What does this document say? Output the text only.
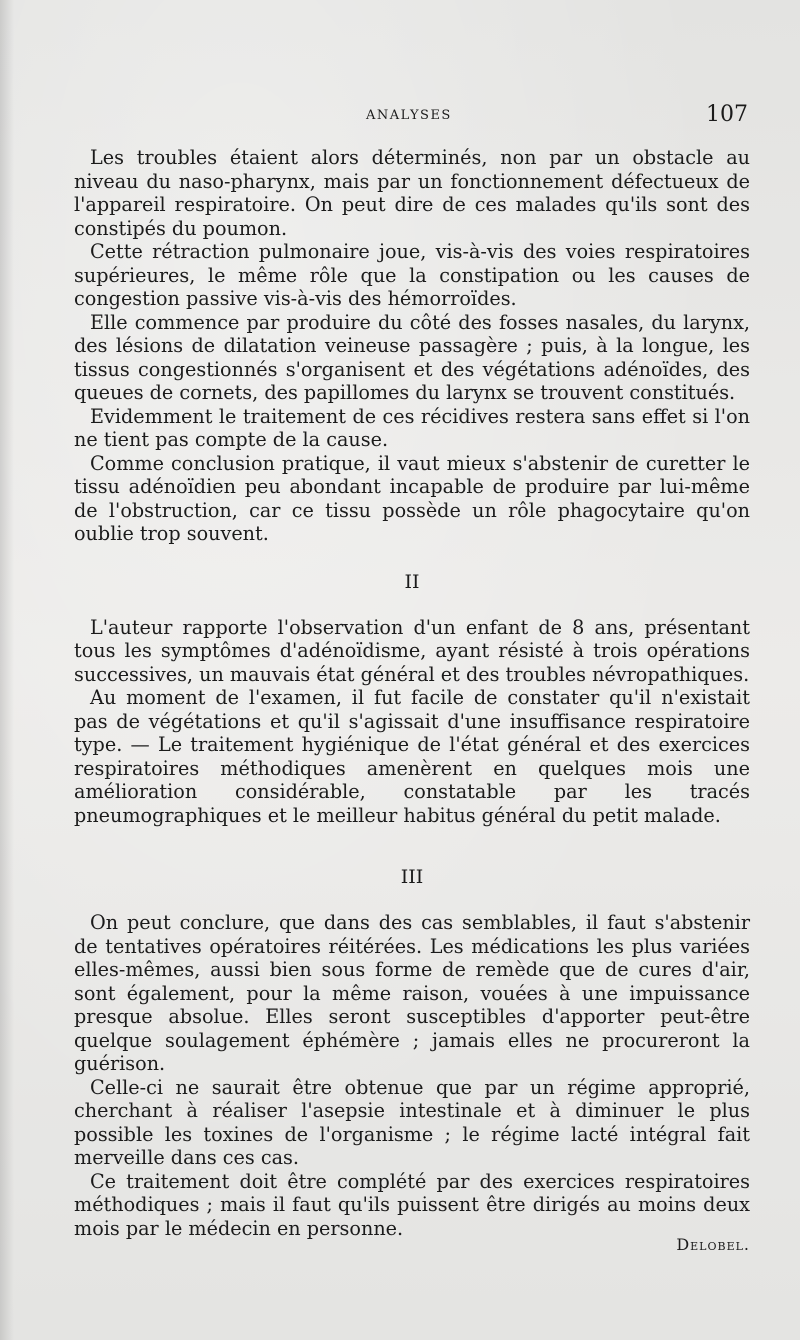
ANALYSES	107

Les troubles étaient alors déterminés, non par un obstacle au niveau du naso-pharynx, mais par un fonctionnement défectueux de l'appareil respiratoire. On peut dire de ces malades qu'ils sont des constipés du poumon.

Cette rétraction pulmonaire joue, vis-à-vis des voies respiratoires supérieures, le même rôle que la constipation ou les causes de congestion passive vis-à-vis des hémorroïdes.

Elle commence par produire du côté des fosses nasales, du larynx, des lésions de dilatation veineuse passagère ; puis, à la longue, les tissus congestionnés s'organisent et des végétations adénoïdes, des queues de cornets, des papillomes du larynx se trouvent constitués.

Evidemment le traitement de ces récidives restera sans effet si l'on ne tient pas compte de la cause.

Comme conclusion pratique, il vaut mieux s'abstenir de curetter le tissu adénoïdien peu abondant incapable de produire par lui-même de l'obstruction, car ce tissu possède un rôle phagocytaire qu'on oublie trop souvent.

II

L'auteur rapporte l'observation d'un enfant de 8 ans, présentant tous les symptômes d'adénoïdisme, ayant résisté à trois opérations successives, un mauvais état général et des troubles névropathiques.

Au moment de l'examen, il fut facile de constater qu'il n'existait pas de végétations et qu'il s'agissait d'une insuffisance respiratoire type. — Le traitement hygiénique de l'état général et des exercices respiratoires méthodiques amenèrent en quelques mois une amélioration considérable, constatable par les tracés pneumographiques et le meilleur habitus général du petit malade.

III

On peut conclure, que dans des cas semblables, il faut s'abstenir de tentatives opératoires réitérées. Les médications les plus variées elles-mêmes, aussi bien sous forme de remède que de cures d'air, sont également, pour la même raison, vouées à une impuissance presque absolue. Elles seront susceptibles d'apporter peut-être quelque soulagement éphémère ; jamais elles ne procureront la guérison.

Celle-ci ne saurait être obtenue que par un régime approprié, cherchant à réaliser l'asepsie intestinale et à diminuer le plus possible les toxines de l'organisme ; le régime lacté intégral fait merveille dans ces cas.

Ce traitement doit être complété par des exercices respiratoires méthodiques ; mais il faut qu'ils puissent être dirigés au moins deux mois par le médecin en personne.

Delobel.
